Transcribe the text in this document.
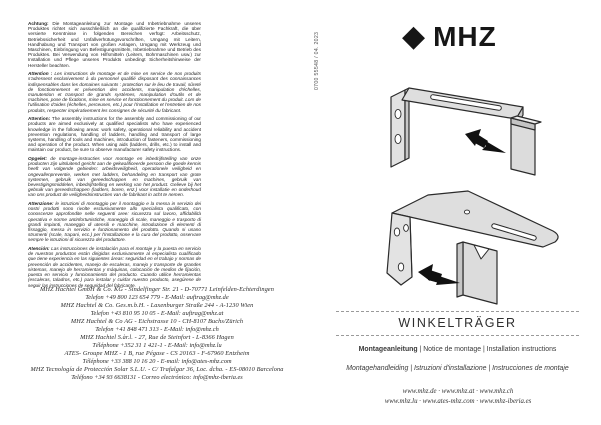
Achtung: Die Montageanleitung zur Montage und Inbetriebnahme unseres Produktes richtet sich ausschließlich an die qualifizierte Fachkraft, die über versierte Kenntnisse in folgenden Bereichen verfügt: Arbeitsschutz, Betriebssicherheit und Unfallverhütungsvorschriften, Umgang mit Leitern, Handhabung und Transport von großen Anlagen, Umgang mit Werkzeug und Maschinen, Einbringung von Befestigungsmitteln, Inbetriebnahme und Betrieb des Produktes. Bei Verwendung von Hilfsmitteln (Leitern, Bohrmaschinen usw.) zur Installation und Pflege unseres Produkts unbedingt Sicherheitshinweise der Hersteller beachten.

Attention : Les instructions de montage et de mise en service de nos produits s'adressent exclusivement à du personnel qualifié disposant des connaissances indispensables dans les domaines suivants : protection sur le lieu de travail, sûreté de fonctionnement et prévention des accidents, manipulation d'échelles, manutention et transport de grands systèmes, manipulation d'outils et de machines, pose de fixations, mise en service et fonctionnement du produit. Lors de l'utilisation d'aides (échelles, perceuses, etc.) pour l'installation et l'entretien de nos produits, respecter impérativement les consignes de sécurité du fabricant.

Attention: The assembly instructions for the assembly and commissioning of our products are aimed exclusively at qualified specialists who have experienced knowledge in the following areas: work safety, operational reliability and accident prevention regulations, handling of ladders, handling and transport of large systems, handling of tools and machines, introduction of fasteners, commissioning and operation of the product. When using aids (ladders, drills, etc.) to install and maintain our product, be sure to observe manufacturer safety instructions.

Opgelet: de montage-instructies voor montage en inbedrijfstelling van onze producten zijn uitsluitend gericht aan de gekwalificeerde persoon die goede kennis heeft van volgende gebieden: arbeidsveiligheid, operationele veiligheid en ongevallenpreventie, werken met ladders, behandeling en transport van grote systemen, gebruik van gereedschappen en machines, gebruik van bevestigingsmiddelen, inbedrijfstelling en werking van het product. Gelieve bij het gebruik van gereedschappen (ladders, boren, enz.) voor installatie en onderhoud van ons product de veiligheidsinstructies van de fabrikant in acht te nemen.

Attenzione: le istruzioni di montaggio per il montaggio e la messa in servizio dei nostri prodotti sono rivolte esclusivamente allo specialista qualificato, con conoscenze approfondite nelle seguenti aree: sicurezza sul lavoro, affidabilità operativa e norme antinfortunistiche, maneggio di scale, maneggio e trasporto di grandi impianti, maneggio di utensili e macchine, introduzione di elementi di fissaggio, messa in servizio e funzionamento del prodotto. Quando si usano strumenti (scale, trapani, ecc.) per l'installazione e la cura del prodotto, osservare sempre le istruzioni di sicurezza del produttore.

Atención: Las instrucciones de instalación para el montaje y la puesta en servicio de nuestros productos están dirigidas exclusivamente al especialista cualificado que tiene experiencia en las siguientes áreas: seguridad en el trabajo y normas de prevención de accidentes, manejo de escaleras, manejo y transporte de grandes sistemas, manejo de herramientas y máquinas, colocación de medios de fijación, puesta en servicio y funcionamiento del producto. Cuando utilice herramientas (escaleras, taladros, etc.) para instalar y cuidar nuestro producto, asegúrese de seguir las instrucciones de seguridad del fabricante.

0700 55548 / 04. 2023	◆ MHZ
WINKELTRÄGER
Montageanleitung | Notice de montage | Installation instructions
Montagehandleiding | Istruzioni d'installazione | Instrucciones de montaje

MHZ Hachtel GmbH & Co. KG - Sindelfinger Str. 21 - D-70771 Leinfelden-Echterdingen

Telefon +49 800 123 654 779 - E-Mail: auftrag@mhz.de

MHZ Hachtel & Co. Ges.m.b.H. - Laxenburger Straße 244 - A-1230 Wien

Telefon +43 810 95 10 05 - E-Mail: auftrag@mhz.at

MHZ Hachtel & Co AG - Eichstrasse 10 - CH-8107 Buchs/Zürich

Telefon +41 848 471 313 - E-Mail: info@mhz.ch

MHZ Hachtel S.àr.l. - 27, Rue de Steinfort - L-8366 Hagen

Téléphone +352 31 1 421-1 - E-Mail: info@mhz.lu

ATES- Groupe MHZ - 1 B, rue Pégase - CS 20163 - F-67960 Entzheim

Téléphone +33 388 10 16 20 - E-mail: info@ates-mhz.com

MHZ Tecnología de Protección Solar S.L.U. - C/ Trafalgar 36, Loc. dcha. - ES-08010 Barcelona

Teléfono +34 93 6638131 - Correo electrónico: info@mhz-iberia.es

www.mhz.de · www.mhz.at · www.mhz.ch
www.mhz.lu · www.ates-mhz.com · www.mhz-iberia.es
